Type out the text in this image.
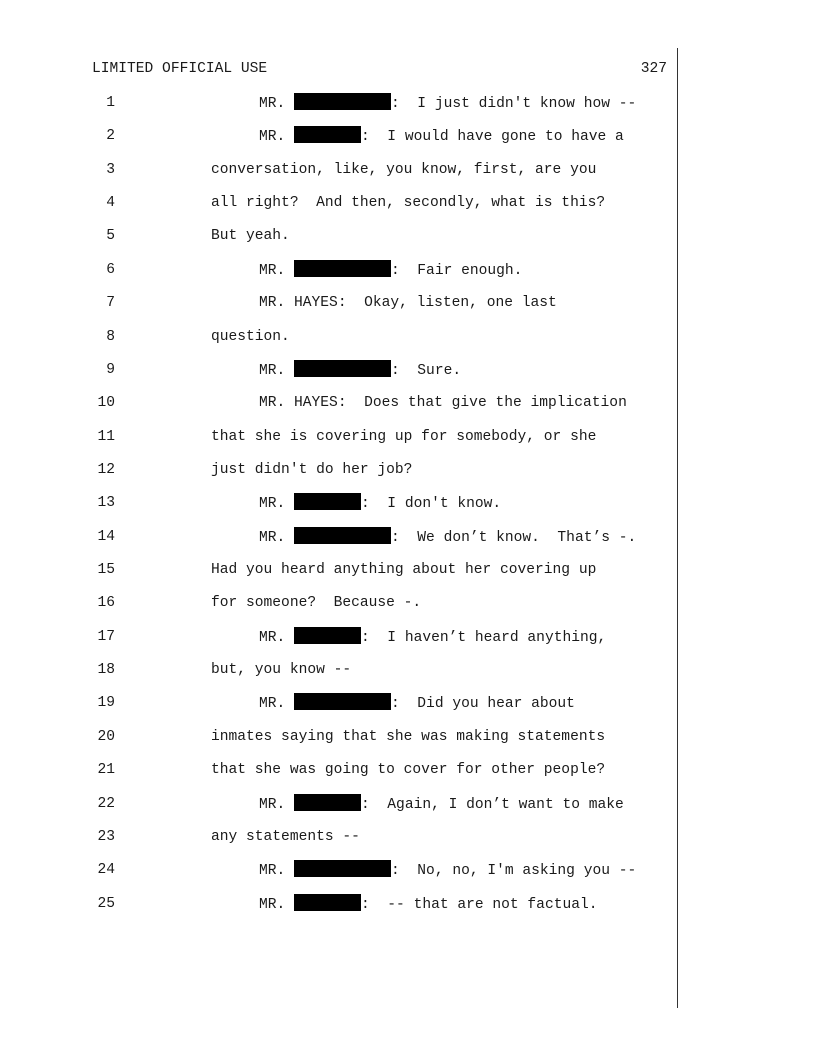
LIMITED OFFICIAL USE	327
1	MR.	:  I just didn't know how --
2	MR.	:  I would have gone to have a
3	conversation, like, you know, first, are you
4	all right?  And then, secondly, what is this?
5	But yeah.
6	MR.	:  Fair enough.
7	MR. HAYES:  Okay, listen, one last
8	question.
9	MR.	:  Sure.
10	MR. HAYES:  Does that give the implication
11	that she is covering up for somebody, or she
12	just didn't do her job?
13	MR.	:  I don't know.
14	MR.	:  We don’t know.  That’s -.
15	Had you heard anything about her covering up
16	for someone?  Because -.
17	MR.	:  I haven’t heard anything,
18	but, you know --
19	MR.	:  Did you hear about
20	inmates saying that she was making statements
21	that she was going to cover for other people?
22	MR.	:  Again, I don’t want to make
23	any statements --
24	MR.	:  No, no, I'm asking you --
25	MR.	:  -- that are not factual.
